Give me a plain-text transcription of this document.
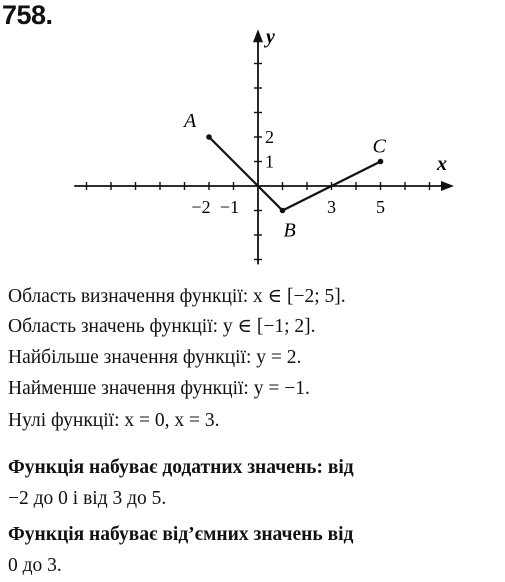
758.
−2 −1	3 5
2
1	x
y
A
B
C

Область визначення функції: x ∈ [−2; 5].

Область значень функції: y ∈ [−1; 2].

Найбільше значення функції: y = 2.

Найменше значення функції: y = −1.

Нулі функції: x = 0, x = 3.

Функція набуває додатних значень: від

−2 до 0 і від 3 до 5.

Функція набуває від’ємних значень від

0 до 3.
